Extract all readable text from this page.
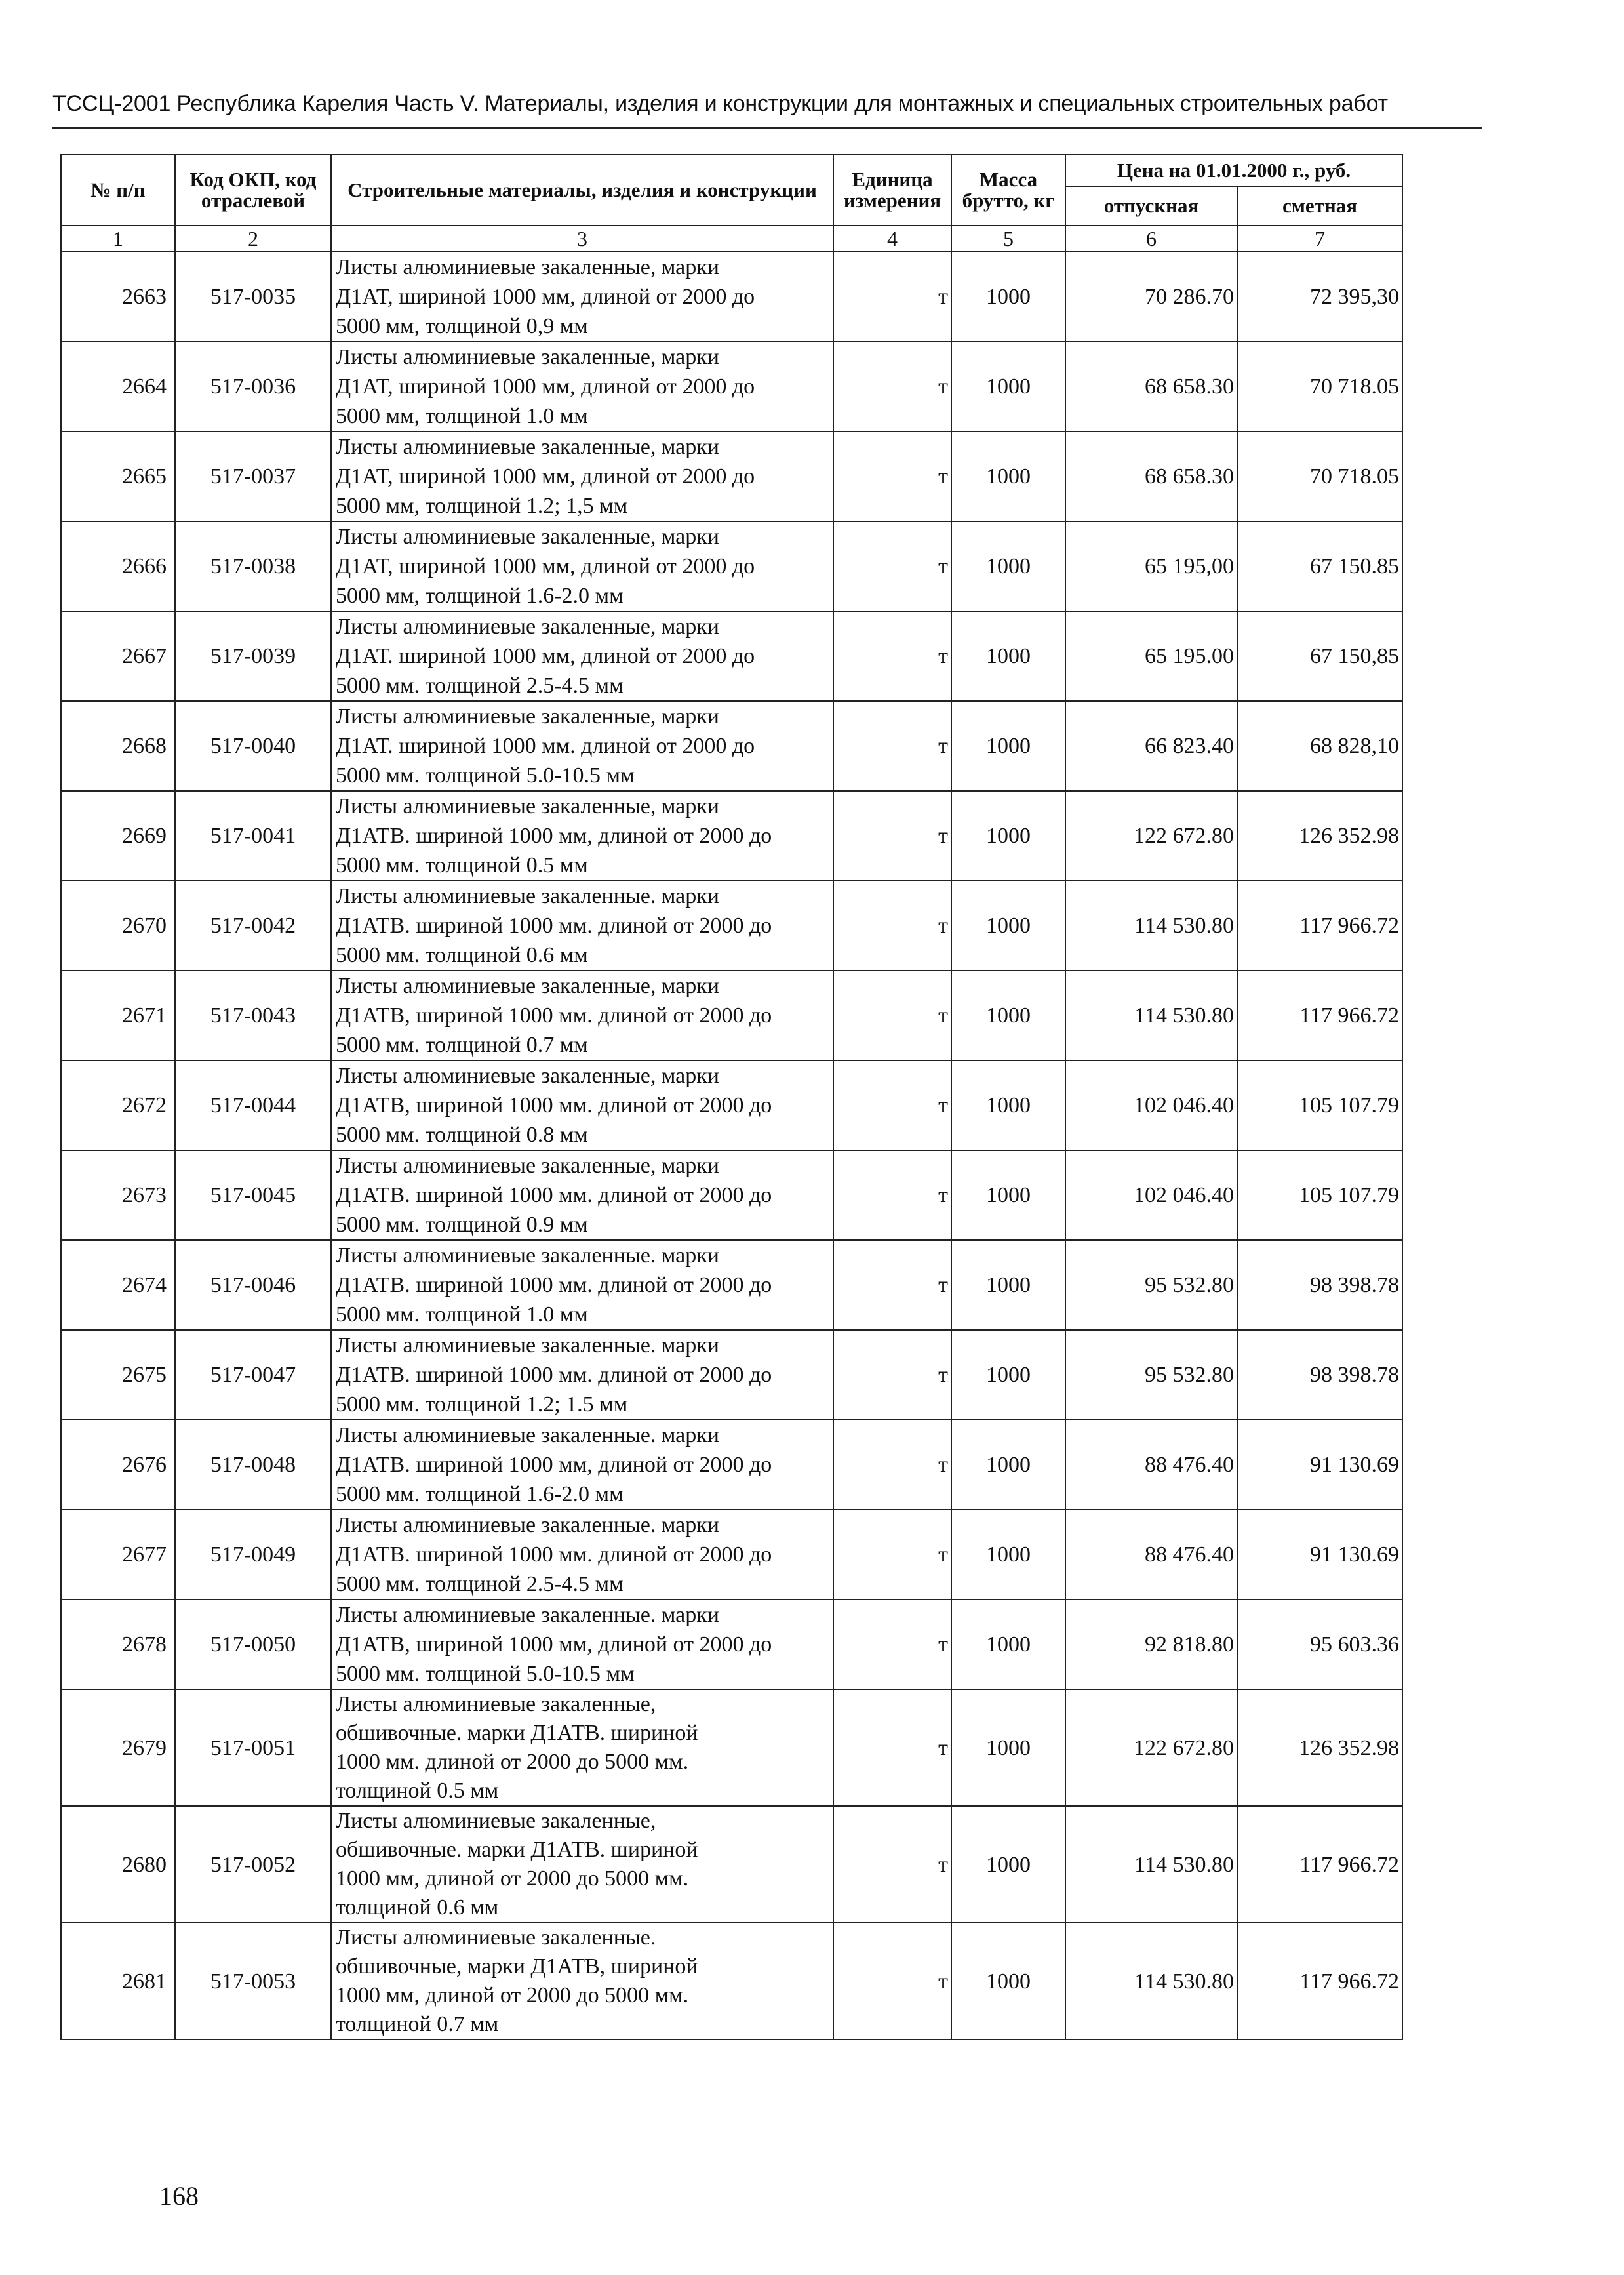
ТССЦ-2001 Республика Карелия Часть V. Материалы, изделия и конструкции для монтажных и специальных строительных работ
№ п/п	Код ОКП, код отраслевой	Строительные материалы, изделия и конструкции	Единица измерения	Масса брутто, кг	Цена на 01.01.2000 г., руб.	
					отпускная	сметная
1	2	3	4	5	6	7
2663	517-0035	Листы алюминиевые закаленные, марки
Д1АТ, шириной 1000 мм, длиной от 2000 до
5000 мм, толщиной 0,9 мм	т	1000	70 286.70	72 395,30
2664	517-0036	Листы алюминиевые закаленные, марки
Д1АТ, шириной 1000 мм, длиной от 2000 до
5000 мм, толщиной 1.0 мм	т	1000	68 658.30	70 718.05
2665	517-0037	Листы алюминиевые закаленные, марки
Д1АТ, шириной 1000 мм, длиной от 2000 до
5000 мм, толщиной 1.2; 1,5 мм	т	1000	68 658.30	70 718.05
2666	517-0038	Листы алюминиевые закаленные, марки
Д1АТ, шириной 1000 мм, длиной от 2000 до
5000 мм, толщиной 1.6-2.0 мм	т	1000	65 195,00	67 150.85
2667	517-0039	Листы алюминиевые закаленные, марки
Д1АТ. шириной 1000 мм, длиной от 2000 до
5000 мм. толщиной 2.5-4.5 мм	т	1000	65 195.00	67 150,85
2668	517-0040	Листы алюминиевые закаленные, марки
Д1АТ. шириной 1000 мм. длиной от 2000 до
5000 мм. толщиной 5.0-10.5 мм	т	1000	66 823.40	68 828,10
2669	517-0041	Листы алюминиевые закаленные, марки
Д1АТВ. шириной 1000 мм, длиной от 2000 до
5000 мм. толщиной 0.5 мм	т	1000	122 672.80	126 352.98
2670	517-0042	Листы алюминиевые закаленные. марки
Д1АТВ. шириной 1000 мм. длиной от 2000 до
5000 мм. толщиной 0.6 мм	т	1000	114 530.80	117 966.72
2671	517-0043	Листы алюминиевые закаленные, марки
Д1АТВ, шириной 1000 мм. длиной от 2000 до
5000 мм. толщиной 0.7 мм	т	1000	114 530.80	117 966.72
2672	517-0044	Листы алюминиевые закаленные, марки
Д1АТВ, шириной 1000 мм. длиной от 2000 до
5000 мм. толщиной 0.8 мм	т	1000	102 046.40	105 107.79
2673	517-0045	Листы алюминиевые закаленные, марки
Д1АТВ. шириной 1000 мм. длиной от 2000 до
5000 мм. толщиной 0.9 мм	т	1000	102 046.40	105 107.79
2674	517-0046	Листы алюминиевые закаленные. марки
Д1АТВ. шириной 1000 мм. длиной от 2000 до
5000 мм. толщиной 1.0 мм	т	1000	95 532.80	98 398.78
2675	517-0047	Листы алюминиевые закаленные. марки
Д1АТВ. шириной 1000 мм. длиной от 2000 до
5000 мм. толщиной 1.2; 1.5 мм	т	1000	95 532.80	98 398.78
2676	517-0048	Листы алюминиевые закаленные. марки
Д1АТВ. шириной 1000 мм, длиной от 2000 до
5000 мм. толщиной 1.6-2.0 мм	т	1000	88 476.40	91 130.69
2677	517-0049	Листы алюминиевые закаленные. марки
Д1АТВ. шириной 1000 мм. длиной от 2000 до
5000 мм. толщиной 2.5-4.5 мм	т	1000	88 476.40	91 130.69
2678	517-0050	Листы алюминиевые закаленные. марки
Д1АТВ, шириной 1000 мм, длиной от 2000 до
5000 мм. толщиной 5.0-10.5 мм	т	1000	92 818.80	95 603.36
2679	517-0051	Листы алюминиевые закаленные,
обшивочные. марки Д1АТВ. шириной
1000 мм. длиной от 2000 до 5000 мм.
толщиной 0.5 мм	т	1000	122 672.80	126 352.98
2680	517-0052	Листы алюминиевые закаленные,
обшивочные. марки Д1АТВ. шириной
1000 мм, длиной от 2000 до 5000 мм.
толщиной 0.6 мм	т	1000	114 530.80	117 966.72
2681	517-0053	Листы алюминиевые закаленные.
обшивочные, марки Д1АТВ, шириной
1000 мм, длиной от 2000 до 5000 мм.
толщиной 0.7 мм	т	1000	114 530.80	117 966.72
168
